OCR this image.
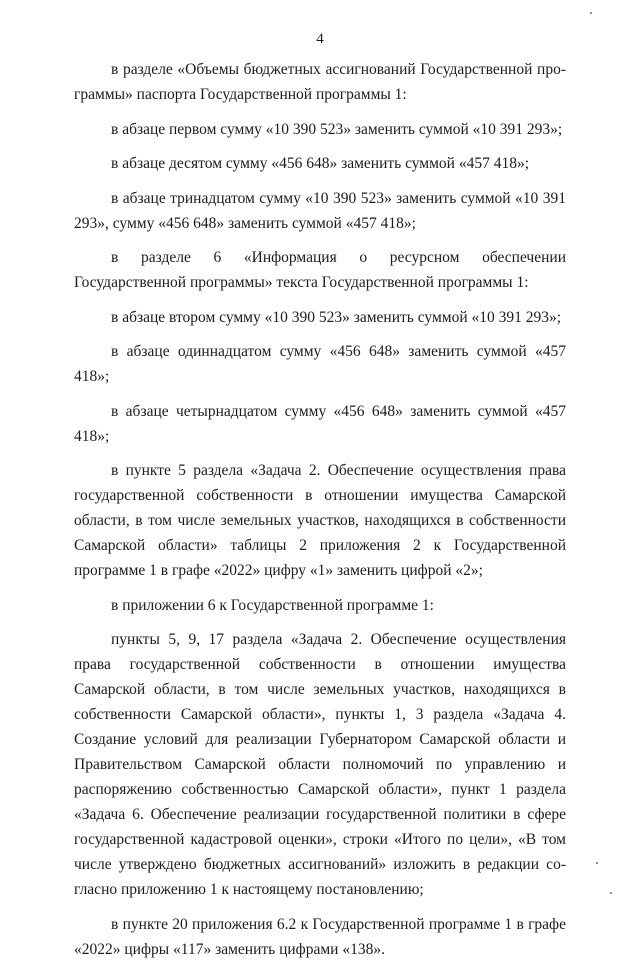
4

в разделе «Объемы бюджетных ассигнований Государственной программы» паспорта Государственной программы 1:

в абзаце первом сумму «10 390 523» заменить суммой «10 391 293»;

в абзаце десятом сумму «456 648» заменить суммой «457 418»;

в абзаце тринадцатом сумму «10 390 523» заменить суммой «10 391 293», сумму «456 648» заменить суммой «457 418»;

в разделе 6 «Информация о ресурсном обеспечении Государственной программы» текста Государственной программы 1:

в абзаце втором сумму «10 390 523» заменить суммой «10 391 293»;

в абзаце одиннадцатом сумму «456 648» заменить суммой «457 418»;

в абзаце четырнадцатом сумму «456 648» заменить суммой «457 418»;

в пункте 5 раздела «Задача 2. Обеспечение осуществления права государственной собственности в отношении имущества Самарской области, в том числе земельных участков, находящихся в собственности Самарской области» таблицы 2 приложения 2 к Государственной программе 1 в графе «2022» цифру «1» заменить цифрой «2»;

в приложении 6 к Государственной программе 1:

пункты 5, 9, 17 раздела «Задача 2. Обеспечение осуществления права государственной собственности в отношении имущества Самарской области, в том числе земельных участков, находящихся в собственности Самарской области», пункты 1, 3 раздела «Задача 4. Создание условий для реализации Губернатором Самарской области и Правительством Самарской области полномочий по управлению и распоряжению собственностью Самарской области», пункт 1 раздела «Задача 6. Обеспечение реализации государственной политики в сфере государственной кадастровой оценки», строки «Итого по цели», «В том числе утверждено бюджетных ассигнований» изложить в редакции согласно приложению 1 к настоящему постановлению;

в пункте 20 приложения 6.2 к Государственной программе 1 в графе «2022» цифры «117» заменить цифрами «138».
